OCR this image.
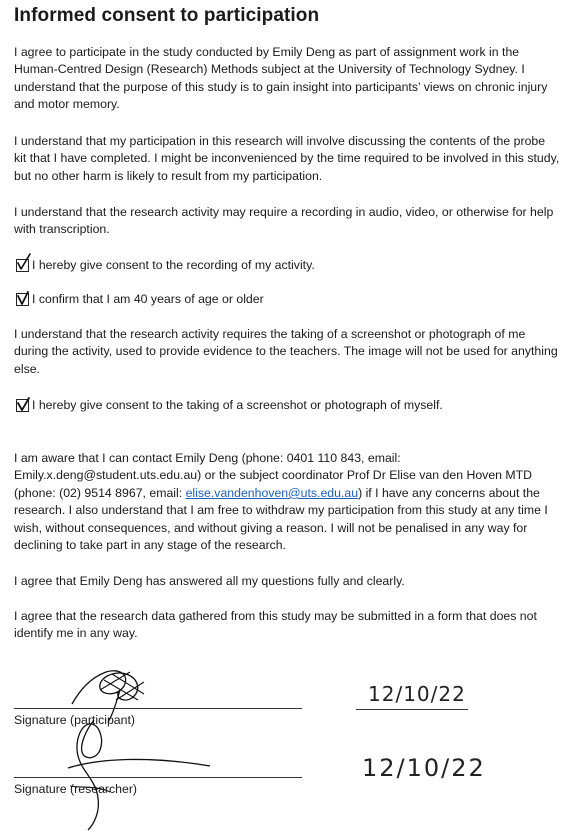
Informed consent to participation

I agree to participate in the study conducted by Emily Deng as part of assignment work in the Human-Centred Design (Research) Methods subject at the University of Technology Sydney. I understand that the purpose of this study is to gain insight into participants’ views on chronic injury and motor memory.

I understand that my participation in this research will involve discussing the contents of the probe kit that I have completed. I might be inconvenienced by the time required to be involved in this study, but no other harm is likely to result from my participation.

I understand that the research activity may require a recording in audio, video, or otherwise for help with transcription.

I hereby give consent to the recording of my activity.
I confirm that I am 40 years of age or older

I understand that the research activity requires the taking of a screenshot or photograph of me during the activity, used to provide evidence to the teachers. The image will not be used for anything else.

I hereby give consent to the taking of a screenshot or photograph of myself.

I am aware that I can contact Emily Deng (phone: 0401 110 843, email: Emily.x.deng@student.uts.edu.au) or the subject coordinator Prof Dr Elise van den Hoven MTD (phone: (02) 9514 8967, email: elise.vandenhoven@uts.edu.au) if I have any concerns about the research. I also understand that I am free to withdraw my participation from this study at any time I wish, without consequences, and without giving a reason. I will not be penalised in any way for declining to take part in any stage of the research.

I agree that Emily Deng has answered all my questions fully and clearly.

I agree that the research data gathered from this study may be submitted in a form that does not identify me in any way.

Signature (participant)
12/10/22
Signature (researcher)
12/10/22
